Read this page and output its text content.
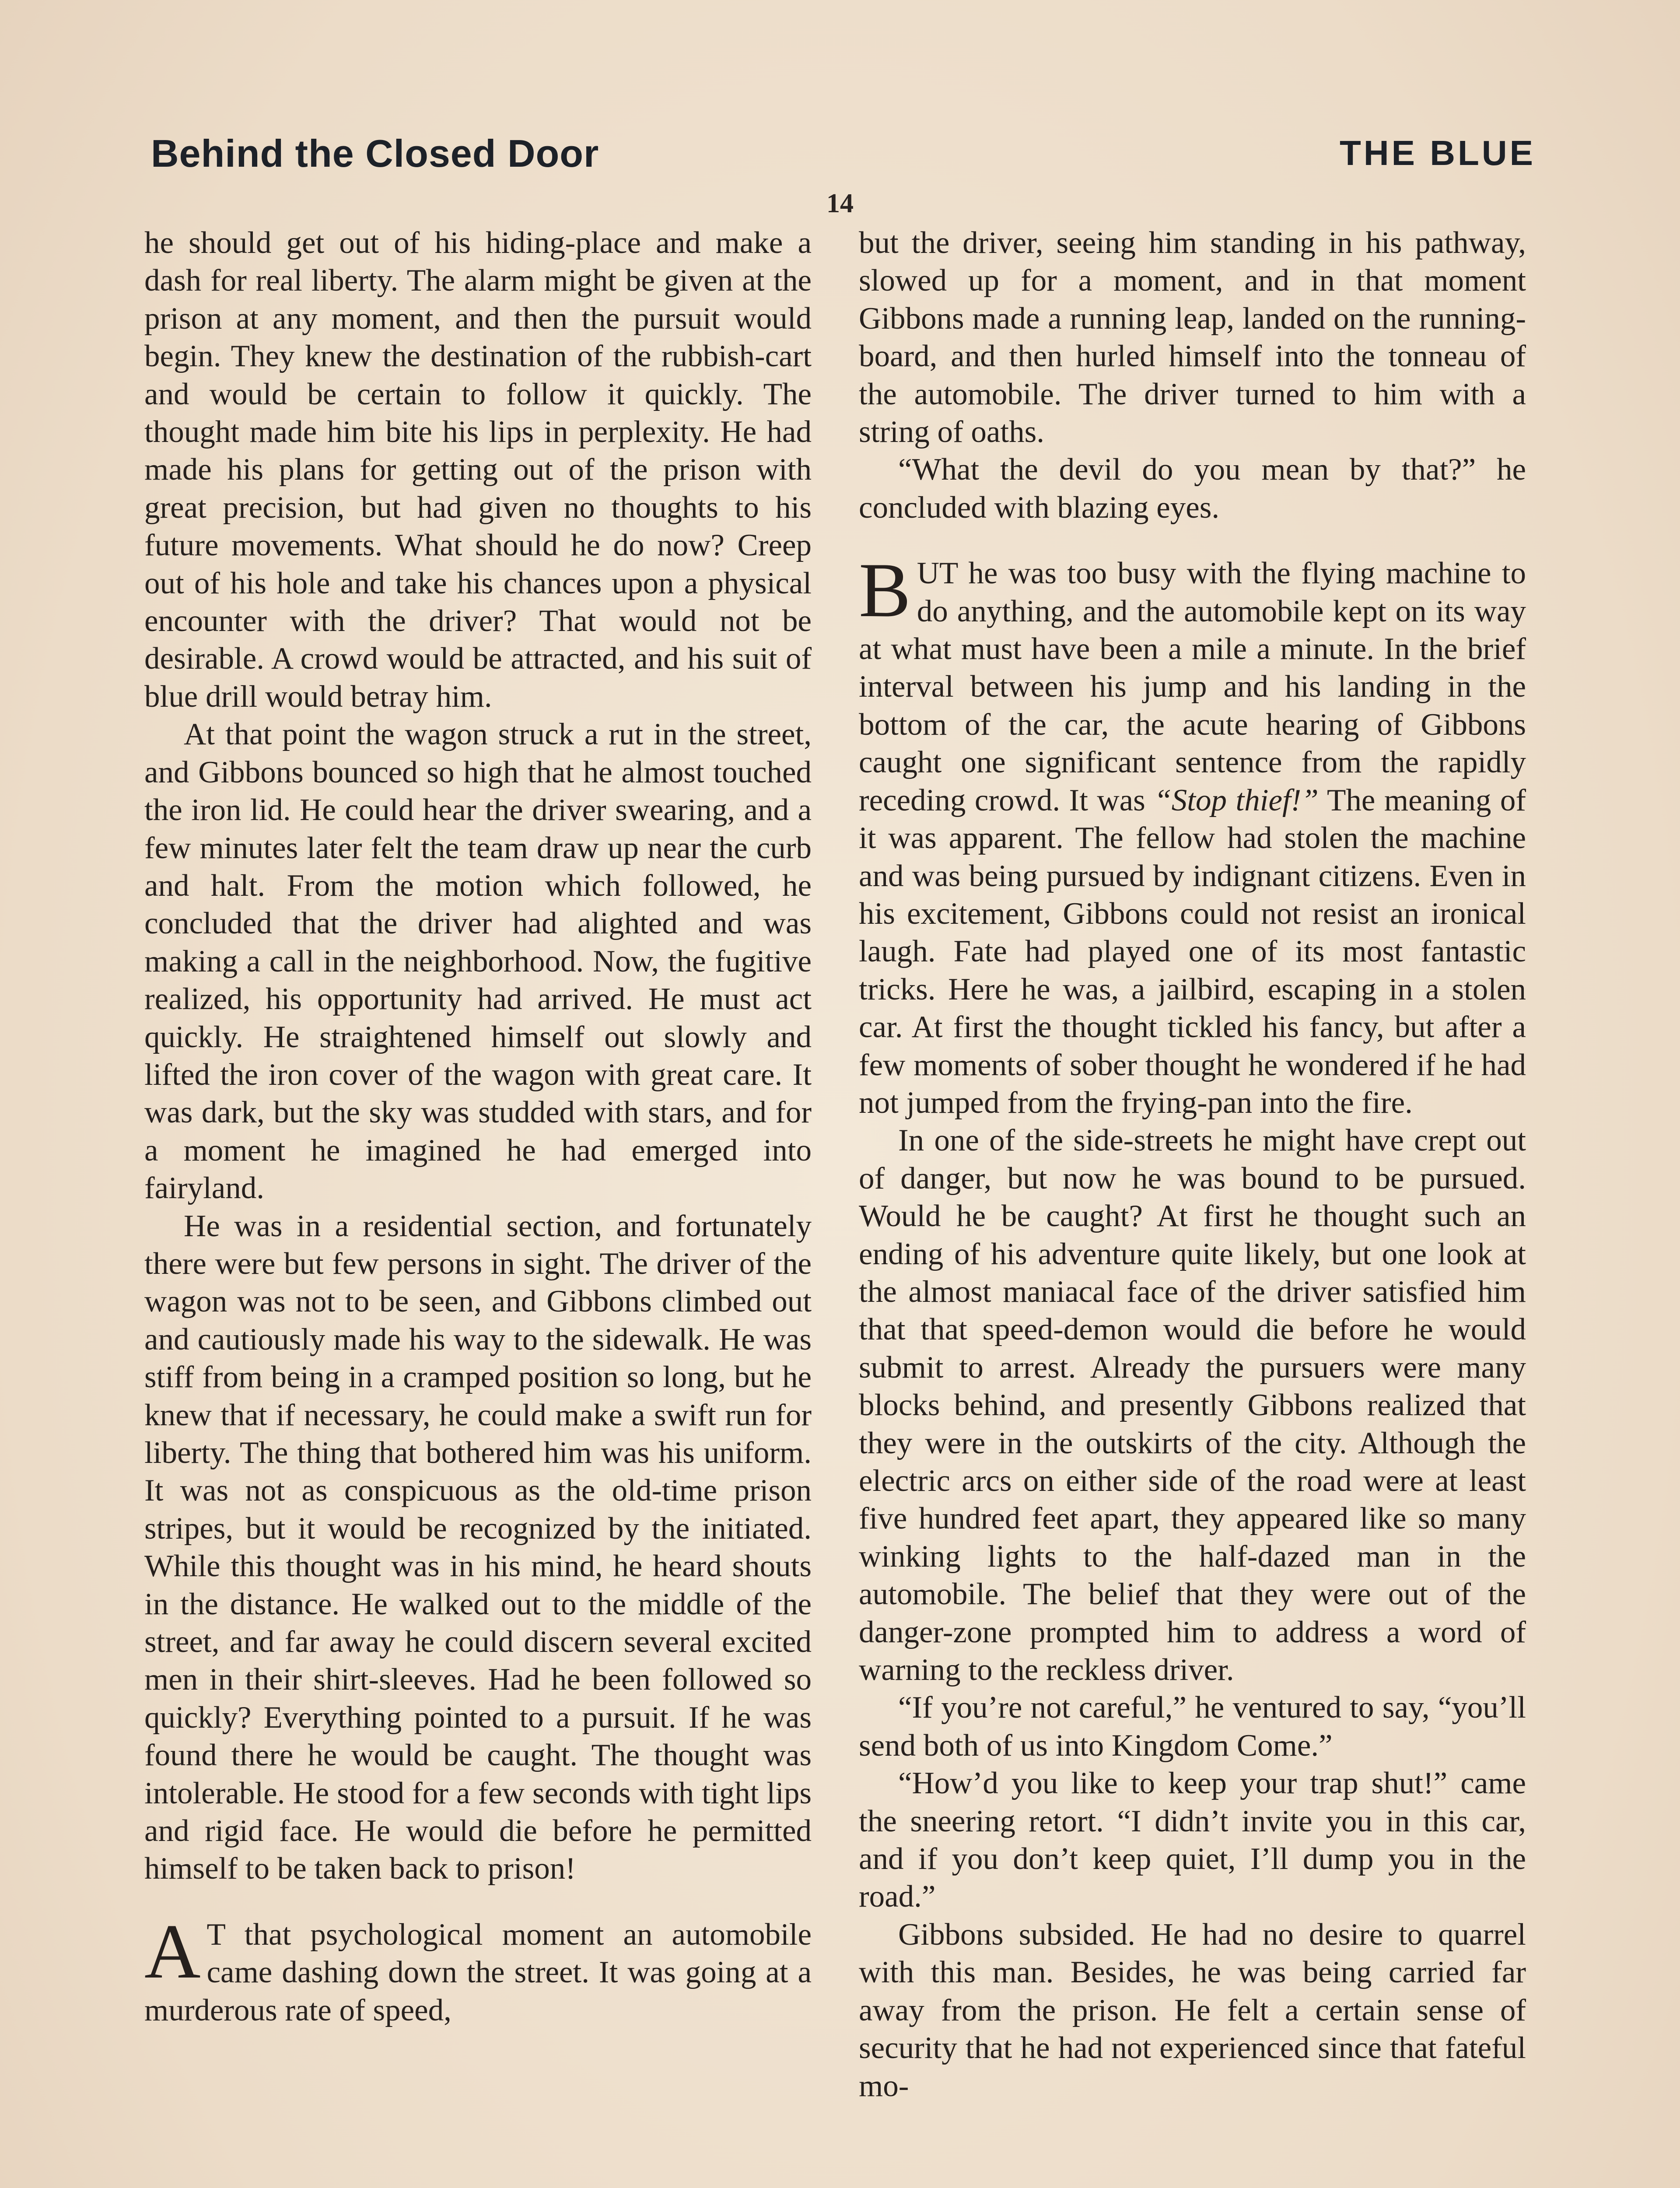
Behind the Closed Door	THE BLUE
14

he should get out of his hiding-place and make a dash for real liberty. The alarm might be given at the prison at any moment, and then the pursuit would begin. They knew the destination of the rubbish-cart and would be certain to follow it quickly. The thought made him bite his lips in perplexity. He had made his plans for getting out of the prison with great precision, but had given no thoughts to his future movements. What should he do now? Creep out of his hole and take his chances upon a physical encounter with the driver? That would not be desirable. A crowd would be attracted, and his suit of blue drill would betray him.

At that point the wagon struck a rut in the street, and Gibbons bounced so high that he almost touched the iron lid. He could hear the driver swearing, and a few minutes later felt the team draw up near the curb and halt. From the motion which followed, he concluded that the driver had alighted and was making a call in the neighborhood. Now, the fugitive realized, his opportunity had arrived. He must act quickly. He straightened himself out slowly and lifted the iron cover of the wagon with great care. It was dark, but the sky was studded with stars, and for a moment he imagined he had emerged into fairyland.

He was in a residential section, and fortunately there were but few persons in sight. The driver of the wagon was not to be seen, and Gibbons climbed out and cautiously made his way to the sidewalk. He was stiff from being in a cramped position so long, but he knew that if necessary, he could make a swift run for liberty. The thing that bothered him was his uniform. It was not as conspicuous as the old-time prison stripes, but it would be recognized by the initiated. While this thought was in his mind, he heard shouts in the distance. He walked out to the middle of the street, and far away he could discern several excited men in their shirt-sleeves. Had he been followed so quickly? Everything pointed to a pursuit. If he was found there he would be caught. The thought was intolerable. He stood for a few seconds with tight lips and rigid face. He would die before he permitted himself to be taken back to prison!

A T that psychological moment an automobile came dashing down the street. It was going at a murderous rate of speed,

but the driver, seeing him standing in his pathway, slowed up for a moment, and in that moment Gibbons made a running leap, landed on the running-board, and then hurled himself into the tonneau of the automobile. The driver turned to him with a string of oaths.

“What the devil do you mean by that?” he concluded with blazing eyes.

BUT he was too busy with the flying machine to do anything, and the automobile kept on its way at what must have been a mile a minute. In the brief interval between his jump and his landing in the bottom of the car, the acute hearing of Gibbons caught one significant sentence from the rapidly receding crowd. It was “Stop thief!” The meaning of it was apparent. The fellow had stolen the machine and was being pursued by indignant citizens. Even in his excitement, Gibbons could not resist an ironical laugh. Fate had played one of its most fantastic tricks. Here he was, a jailbird, escaping in a stolen car. At first the thought tickled his fancy, but after a few moments of sober thought he wondered if he had not jumped from the frying-pan into the fire.

In one of the side-streets he might have crept out of danger, but now he was bound to be pursued. Would he be caught? At first he thought such an ending of his adventure quite likely, but one look at the almost maniacal face of the driver satisfied him that that speed-demon would die before he would submit to arrest. Already the pursuers were many blocks behind, and presently Gibbons realized that they were in the outskirts of the city. Although the electric arcs on either side of the road were at least five hundred feet apart, they appeared like so many winking lights to the half-dazed man in the automobile. The belief that they were out of the danger-zone prompted him to address a word of warning to the reckless driver.

“If you’re not careful,” he ventured to say, “you’ll send both of us into Kingdom Come.”

“How’d you like to keep your trap shut!” came the sneering retort. “I didn’t invite you in this car, and if you don’t keep quiet, I’ll dump you in the road.”

Gibbons subsided. He had no desire to quarrel with this man. Besides, he was being carried far away from the prison. He felt a certain sense of security that he had not experienced since that fateful mo-
